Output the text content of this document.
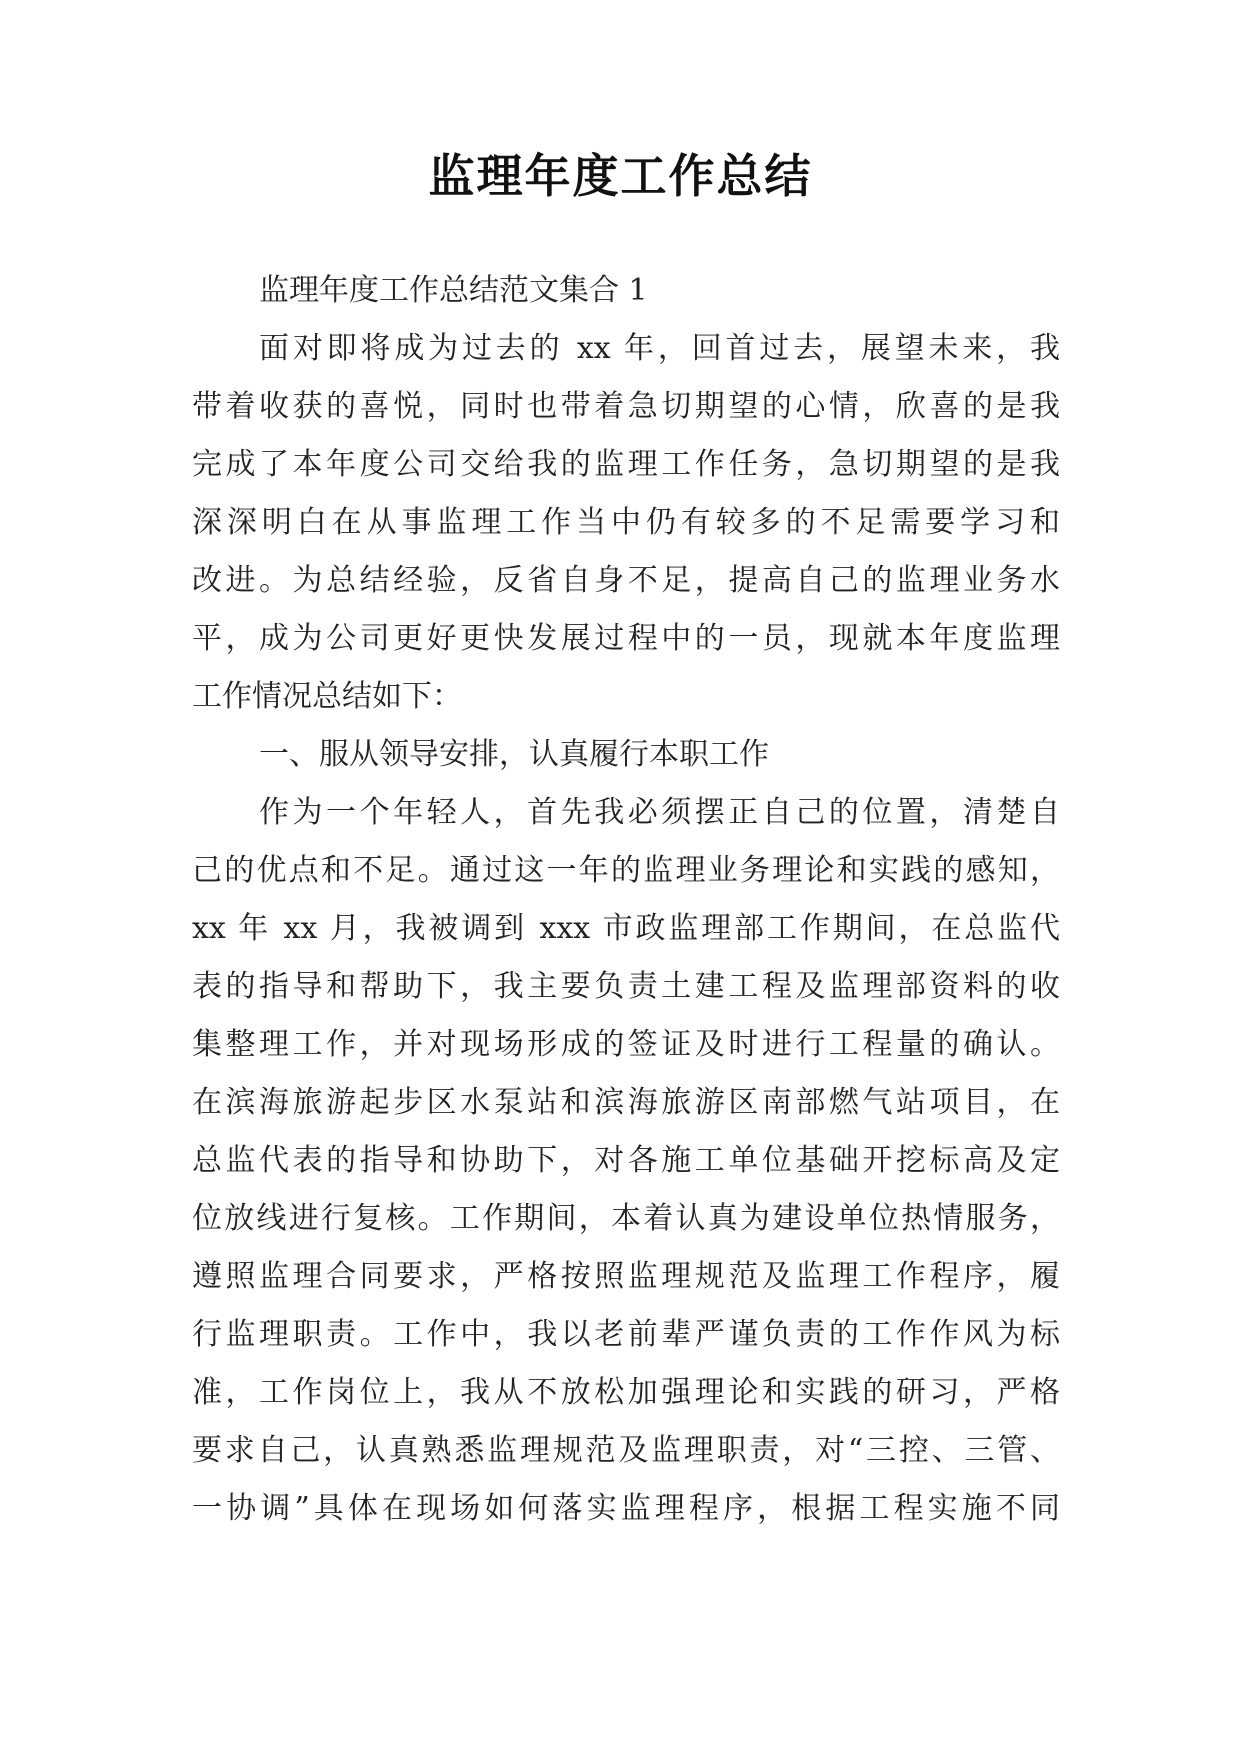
监理年度工作总结
监理年度工作总结范文集合 1
面对即将成为过去的 xx 年，回首过去，展望未来，我
带着收获的喜悦，同时也带着急切期望的心情，欣喜的是我
完成了本年度公司交给我的监理工作任务，急切期望的是我
深深明白在从事监理工作当中仍有较多的不足需要学习和
改进。为总结经验，反省自身不足，提高自己的监理业务水
平，成为公司更好更快发展过程中的一员，现就本年度监理
工作情况总结如下：
一、服从领导安排，认真履行本职工作
作为一个年轻人，首先我必须摆正自己的位置，清楚自
己的优点和不足。通过这一年的监理业务理论和实践的感知，
xx 年 xx 月，我被调到 xxx 市政监理部工作期间，在总监代
表的指导和帮助下，我主要负责土建工程及监理部资料的收
集整理工作，并对现场形成的签证及时进行工程量的确认。
在滨海旅游起步区水泵站和滨海旅游区南部燃气站项目，在
总监代表的指导和协助下，对各施工单位基础开挖标高及定
位放线进行复核。工作期间，本着认真为建设单位热情服务，
遵照监理合同要求，严格按照监理规范及监理工作程序，履
行监理职责。工作中，我以老前辈严谨负责的工作作风为标
准，工作岗位上，我从不放松加强理论和实践的研习，严格
要求自己，认真熟悉监理规范及监理职责，对“三控、三管、
一协调”具体在现场如何落实监理程序，根据工程实施不同
